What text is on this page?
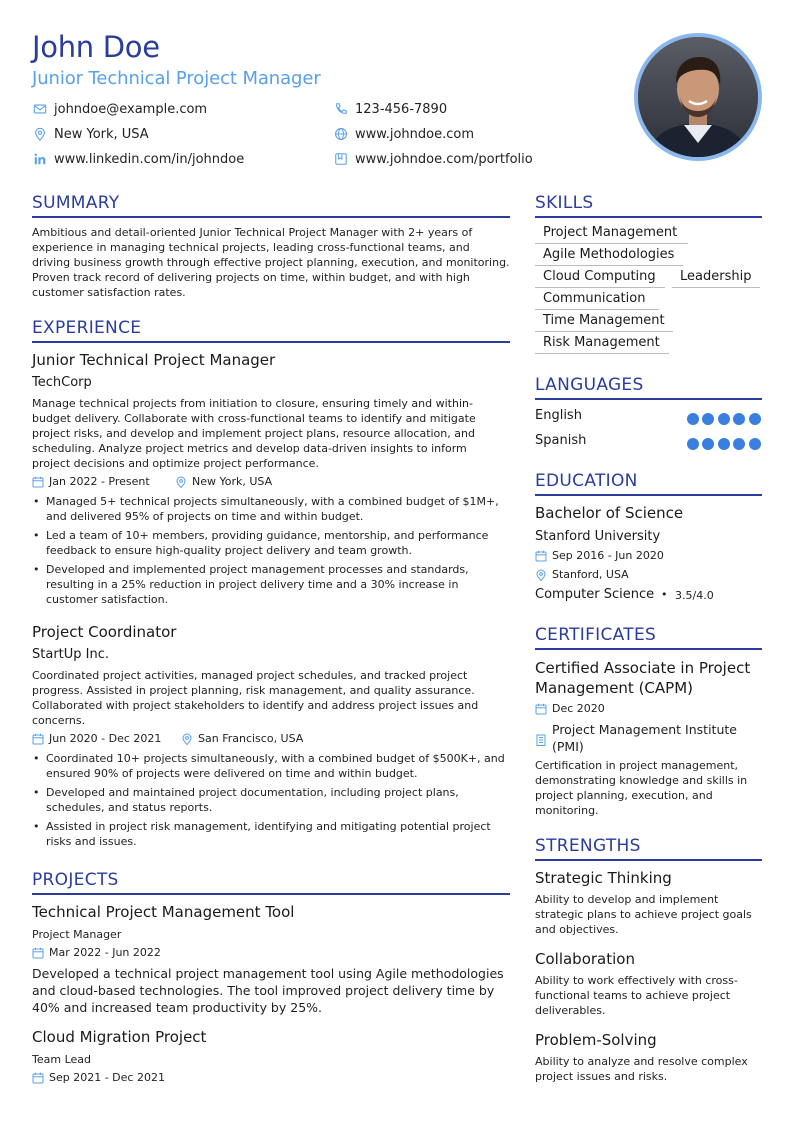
John Doe
Junior Technical Project Manager
johndoe@example.com	123-456-7890
New York, USA	www.johndoe.com
www.linkedin.com/in/johndoe	www.johndoe.com/portfolio
SUMMARY
Ambitious and detail-oriented Junior Technical Project Manager with 2+ years of experience in managing technical projects, leading cross-functional teams, and driving business growth through effective project planning, execution, and monitoring. Proven track record of delivering projects on time, within budget, and with high customer satisfaction rates.
EXPERIENCE
Junior Technical Project Manager
TechCorp
Manage technical projects from initiation to closure, ensuring timely and within-budget delivery. Collaborate with cross-functional teams to identify and mitigate project risks, and develop and implement project plans, resource allocation, and scheduling. Analyze project metrics and develop data-driven insights to inform project decisions and optimize project performance.
Jan 2022 - Present	New York, USA
• Managed 5+ technical projects simultaneously, with a combined budget of $1M+, and delivered 95% of projects on time and within budget.
• Led a team of 10+ members, providing guidance, mentorship, and performance feedback to ensure high-quality project delivery and team growth.
• Developed and implemented project management processes and standards, resulting in a 25% reduction in project delivery time and a 30% increase in customer satisfaction.
Project Coordinator
StartUp Inc.
Coordinated project activities, managed project schedules, and tracked project progress. Assisted in project planning, risk management, and quality assurance. Collaborated with project stakeholders to identify and address project issues and concerns.
Jun 2020 - Dec 2021	San Francisco, USA
• Coordinated 10+ projects simultaneously, with a combined budget of $500K+, and ensured 90% of projects were delivered on time and within budget.
• Developed and maintained project documentation, including project plans, schedules, and status reports.
• Assisted in project risk management, identifying and mitigating potential project risks and issues.
PROJECTS
Technical Project Management Tool
Project Manager
Mar 2022 - Jun 2022
Developed a technical project management tool using Agile methodologies and cloud-based technologies. The tool improved project delivery time by 40% and increased team productivity by 25%.
Cloud Migration Project
Team Lead
Sep 2021 - Dec 2021
SKILLS
Project Management
Agile Methodologies
Cloud Computing	Leadership
Communication
Time Management
Risk Management
LANGUAGES
English
Spanish
EDUCATION
Bachelor of Science
Stanford University
Sep 2016 - Jun 2020
Stanford, USA
Computer Science • 3.5/4.0
CERTIFICATES
Certified Associate in Project Management (CAPM)
Dec 2020
Project Management Institute (PMI)
Certification in project management, demonstrating knowledge and skills in project planning, execution, and monitoring.
STRENGTHS
Strategic Thinking
Ability to develop and implement strategic plans to achieve project goals and objectives.
Collaboration
Ability to work effectively with cross-functional teams to achieve project deliverables.
Problem-Solving
Ability to analyze and resolve complex project issues and risks.
